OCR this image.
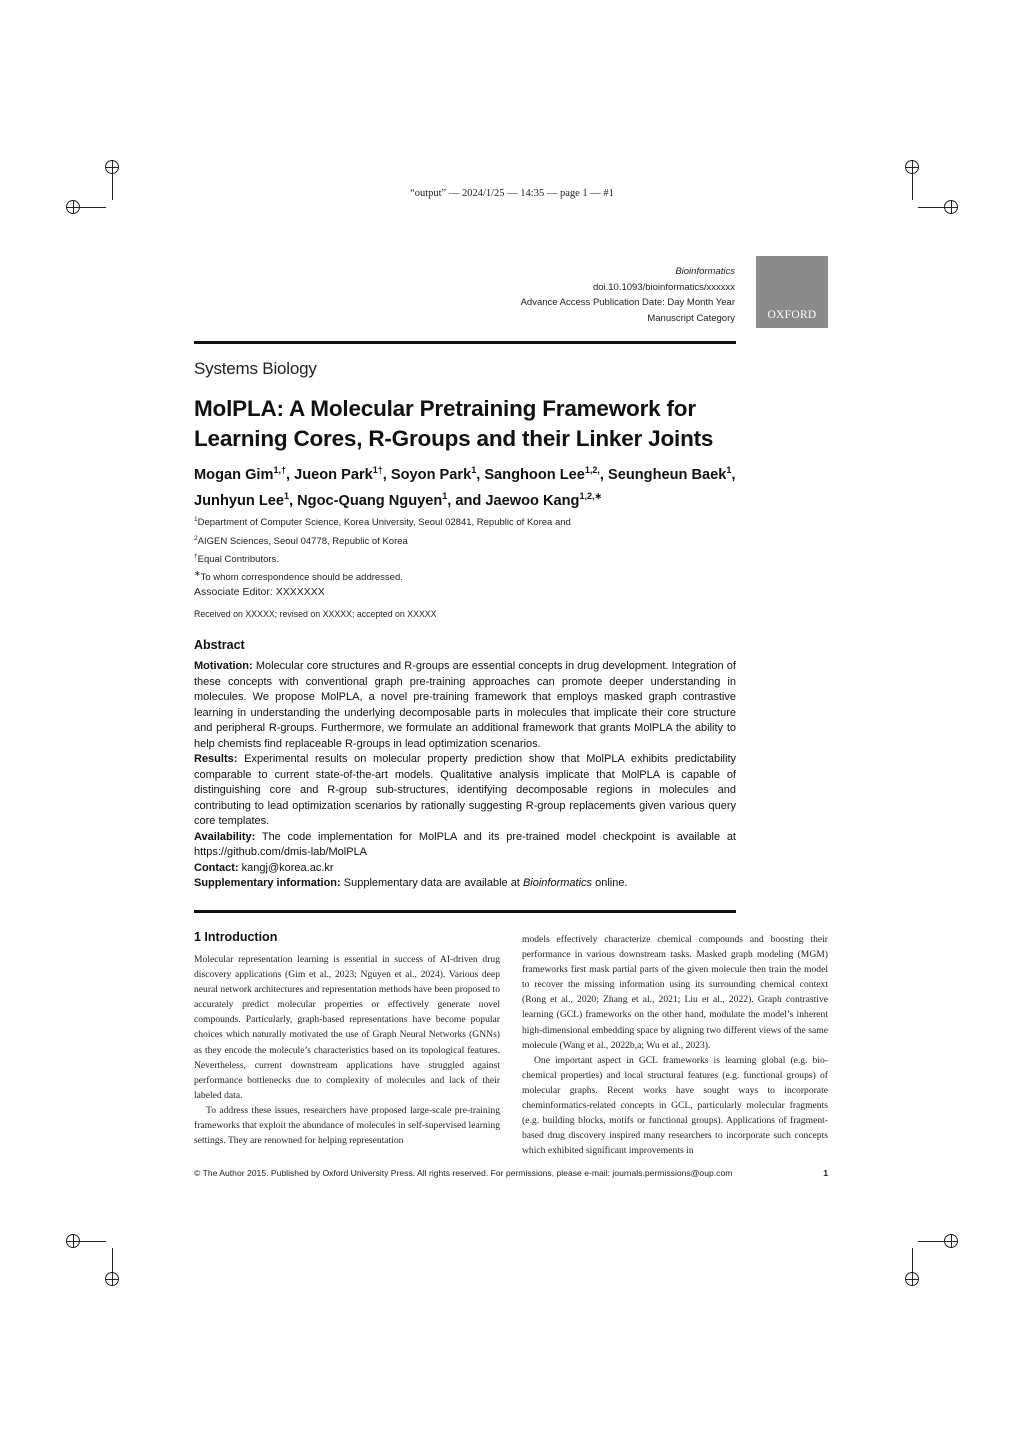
“output” — 2024/1/25 — 14:35 — page 1 — #1
Bioinformatics
doi.10.1093/bioinformatics/xxxxxx
Advance Access Publication Date: Day Month Year
Manuscript Category	OXFORD
Systems Biology
MolPLA: A Molecular Pretraining Framework for Learning Cores, R-Groups and their Linker Joints
Mogan Gim$^{1,\dagger}$, Jueon Park$^{1\dagger}$, Soyon Park$^1$, Sanghoon Lee$^{1,2,}$, Seungheun Baek$^1$, Junhyun Lee$^1$, Ngoc-Quang Nguyen$^1$, and Jaewoo Kang$^{1,2,∗}$
$^1$Department of Computer Science, Korea University, Seoul 02841, Republic of Korea and
$^2$AIGEN Sciences, Seoul 04778, Republic of Korea
†Equal Contributors.
∗To whom correspondence should be addressed.
Associate Editor: XXXXXXX
Received on XXXXX; revised on XXXXX; accepted on XXXXX
Abstract

Motivation: Molecular core structures and R-groups are essential concepts in drug development. Integration of these concepts with conventional graph pre-training approaches can promote deeper understanding in molecules. We propose MolPLA, a novel pre-training framework that employs masked graph contrastive learning in understanding the underlying decomposable parts in molecules that implicate their core structure and peripheral R-groups. Furthermore, we formulate an additional framework that grants MolPLA the ability to help chemists find replaceable R-groups in lead optimization scenarios.

Results: Experimental results on molecular property prediction show that MolPLA exhibits predictability comparable to current state-of-the-art models. Qualitative analysis implicate that MolPLA is capable of distinguishing core and R-group sub-structures, identifying decomposable regions in molecules and contributing to lead optimization scenarios by rationally suggesting R-group replacements given various query core templates.

Availability: The code implementation for MolPLA and its pre-trained model checkpoint is available at https://github.com/dmis-lab/MolPLA

Contact: kangj@korea.ac.kr

Supplementary information: Supplementary data are available at Bioinformatics online.

1 Introduction

Molecular representation learning is essential in success of AI-driven drug discovery applications (Gim et al., 2023; Nguyen et al., 2024). Various deep neural network architectures and representation methods have been proposed to accurately predict molecular properties or effectively generate novel compounds. Particularly, graph-based representations have become popular choices which naturally motivated the use of Graph Neural Networks (GNNs) as they encode the molecule’s characteristics based on its topological features. Nevertheless, current downstream applications have struggled against performance bottlenecks due to complexity of molecules and lack of their labeled data.

To address these issues, researchers have proposed large-scale pre-training frameworks that exploit the abundance of molecules in self-supervised learning settings. They are renowned for helping representation

models effectively characterize chemical compounds and boosting their performance in various downstream tasks. Masked graph modeling (MGM) frameworks first mask partial parts of the given molecule then train the model to recover the missing information using its surrounding chemical context (Rong et al., 2020; Zhang et al., 2021; Liu et al., 2022). Graph contrastive learning (GCL) frameworks on the other hand, modulate the model’s inherent high-dimensional embedding space by aligning two different views of the same molecule (Wang et al., 2022b,a; Wu et al., 2023).

One important aspect in GCL frameworks is learning global (e.g. bio-chemical properties) and local structural features (e.g. functional groups) of molecular graphs. Recent works have sought ways to incorporate cheminformatics-related concepts in GCL, particularly molecular fragments (e.g. building blocks, motifs or functional groups). Applications of fragment-based drug discovery inspired many researchers to incorporate such concepts which exhibited significant improvements in

© The Author 2015. Published by Oxford University Press. All rights reserved. For permissions, please e-mail: journals.permissions@oup.com	1
